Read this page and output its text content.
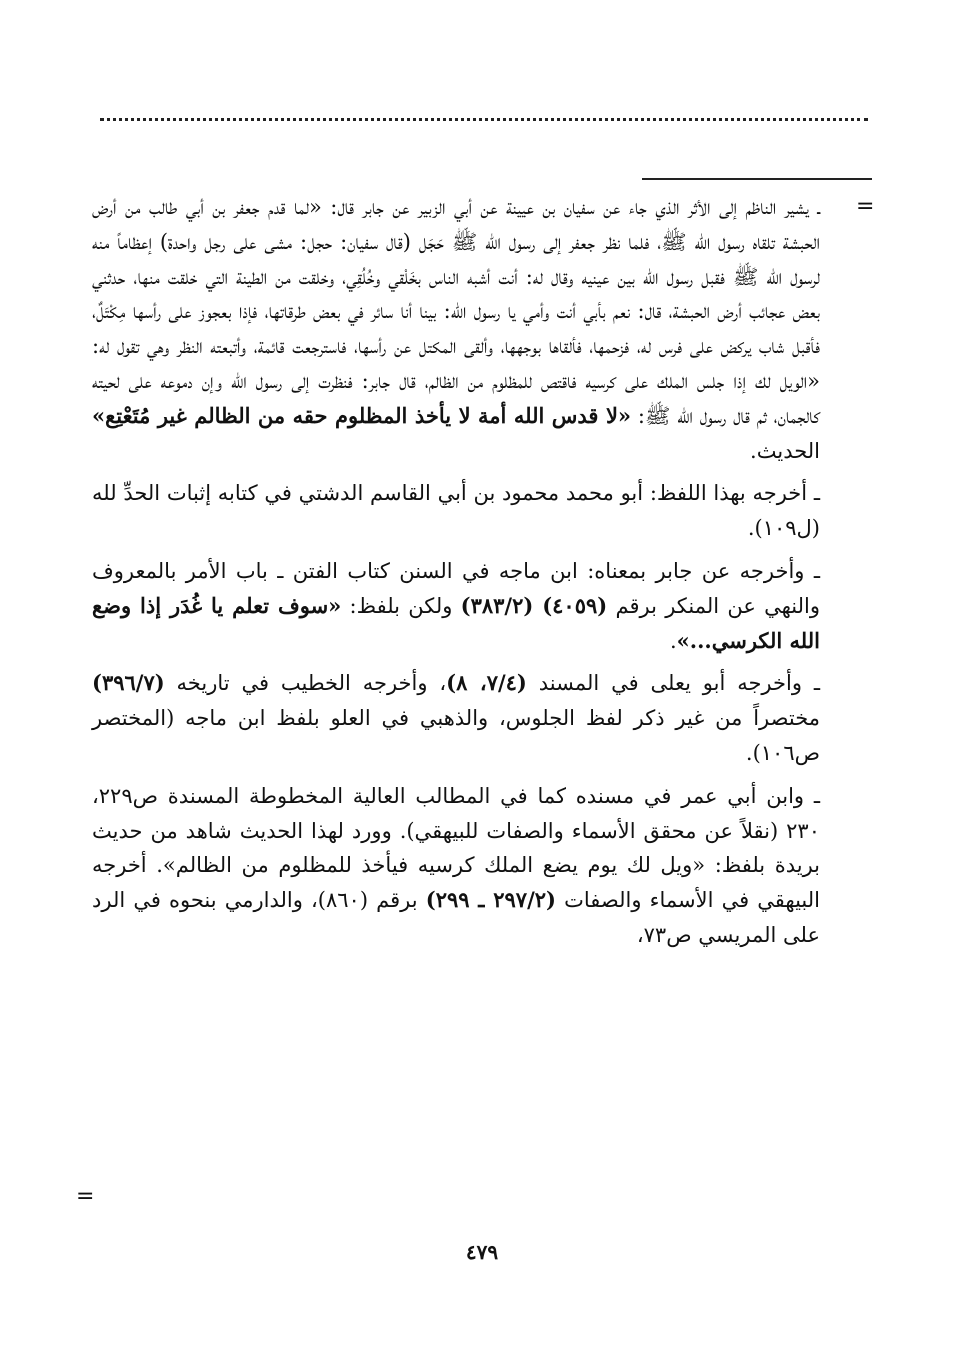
=

ـ يشير الناظم إلى الأثر الذي جاء عن سفيان بن عيينة عن أبي الزبير عن جابر قال: «لما قدم جعفر بن أبي طالب من أرض الحبشة تلقاه رسول الله ﷺ، فلما نظر جعفر إلى رسول الله ﷺ حَجَل (قال سفيان: حجل: مشى على رجل واحدة) إعظاماً منه لرسول الله ﷺ فقبل رسول الله بين عينيه وقال له: أنت أشبه الناس بخَلْقي وخُلُقِي، وخلقت من الطينة التي خلقت منها، حدثني بعض عجائب أرض الحبشة، قال: نعم بأبي أنت وأمي يا رسول الله: بينا أنا سائر في بعض طرقاتها، فإذا بعجوز على رأسها مِكْتَلٌ، فأقبل شاب يركض على فرس له، فزحمها، فألقاها بوجهها، وألقى المكتل عن رأسها، فاسترجعت قائمة، وأتبعته النظر وهي تقول له: «الويل لك إذا جلس الملك على كرسيه فاقتص للمظلوم من الظالم، قال جابر: فنظرت إلى رسول الله وإن دموعه على لحيته كالجمان، ثم قال رسول الله ﷺ: «لا قدس الله أمة لا يأخذ المظلوم حقه من الظالم غير مُتَعْتِع» الحديث.

ـ أخرجه بهذا اللفظ: أبو محمد محمود بن أبي القاسم الدشتي في كتابه إثبات الحدِّ لله (ل١٠٩).

ـ وأخرجه عن جابر بمعناه: ابن ماجه في السنن كتاب الفتن ـ باب الأمر بالمعروف والنهي عن المنكر برقم (٤٠٥٩) (٣٨٣/٢) ولكن بلفظ: «سوف تعلم يا غُدَر إذا وضع الله الكرسي...».

ـ وأخرجه أبو يعلى في المسند (٧/٤، ٨)، وأخرجه الخطيب في تاريخه (٣٩٦/٧) مختصراً من غير ذكر لفظ الجلوس، والذهبي في العلو بلفظ ابن ماجه (المختصر ص١٠٦).

ـ وابن أبي عمر في مسنده كما في المطالب العالية المخطوطة المسندة ص٢٢٩، ٢٣٠ (نقلاً عن محقق الأسماء والصفات للبيهقي). وورد لهذا الحديث شاهد من حديث بريدة بلفظ: «ويل لك يوم يضع الملك كرسيه فيأخذ للمظلوم من الظالم». أخرجه البيهقي في الأسماء والصفات (٢٩٧/٢ ـ ٢٩٩) برقم (٨٦٠)، والدارمي بنحوه في الرد على المريسي ص٧٣،

=
٤٧٩
